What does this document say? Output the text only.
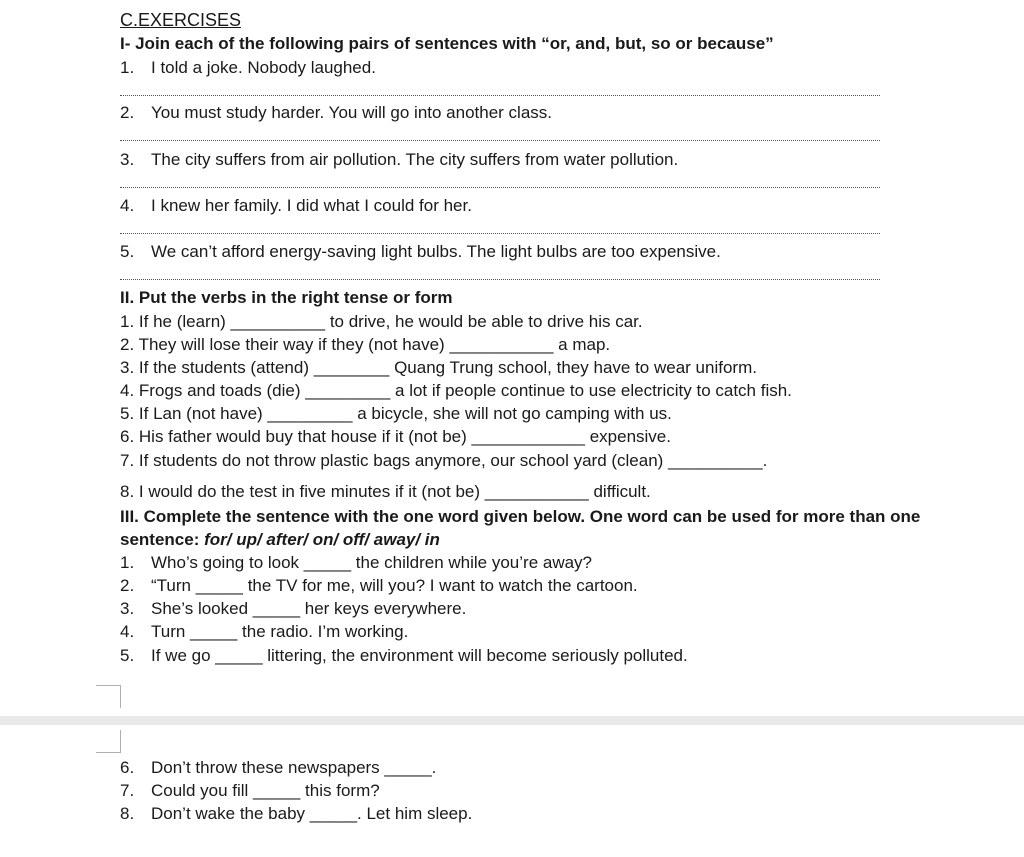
C.EXERCISES
I- Join each of the following pairs of sentences with “or, and, but, so or because”
1. I told a joke. Nobody laughed.
2. You must study harder. You will go into another class.
3. The city suffers from air pollution. The city suffers from water pollution.
4. I knew her family. I did what I could for her.
5. We can’t afford energy-saving light bulbs. The light bulbs are too expensive.
II. Put the verbs in the right tense or form
1. If he (learn) __________ to drive, he would be able to drive his car.
2. They will lose their way if they (not have) ___________ a map.
3. If the students (attend) ________ Quang Trung school, they have to wear uniform.
4. Frogs and toads (die) _________ a lot if people continue to use electricity to catch fish.
5. If Lan (not have) _________ a bicycle, she will not go camping with us.
6. His father would buy that house if it (not be) ____________ expensive.
7. If students do not throw plastic bags anymore, our school yard (clean) __________.
8. I would do the test in five minutes if it (not be) ___________ difficult.
III. Complete the sentence with the one word given below. One word can be used for more than one
sentence: for/ up/ after/ on/ off/ away/ in
1. Who’s going to look _____ the children while you’re away?
2. “Turn _____ the TV for me, will you? I want to watch the cartoon.
3. She’s looked _____ her keys everywhere.
4. Turn _____ the radio. I’m working.
5. If we go _____ littering, the environment will become seriously polluted.
6. Don’t throw these newspapers _____.
7. Could you fill _____ this form?
8. Don’t wake the baby _____. Let him sleep.
